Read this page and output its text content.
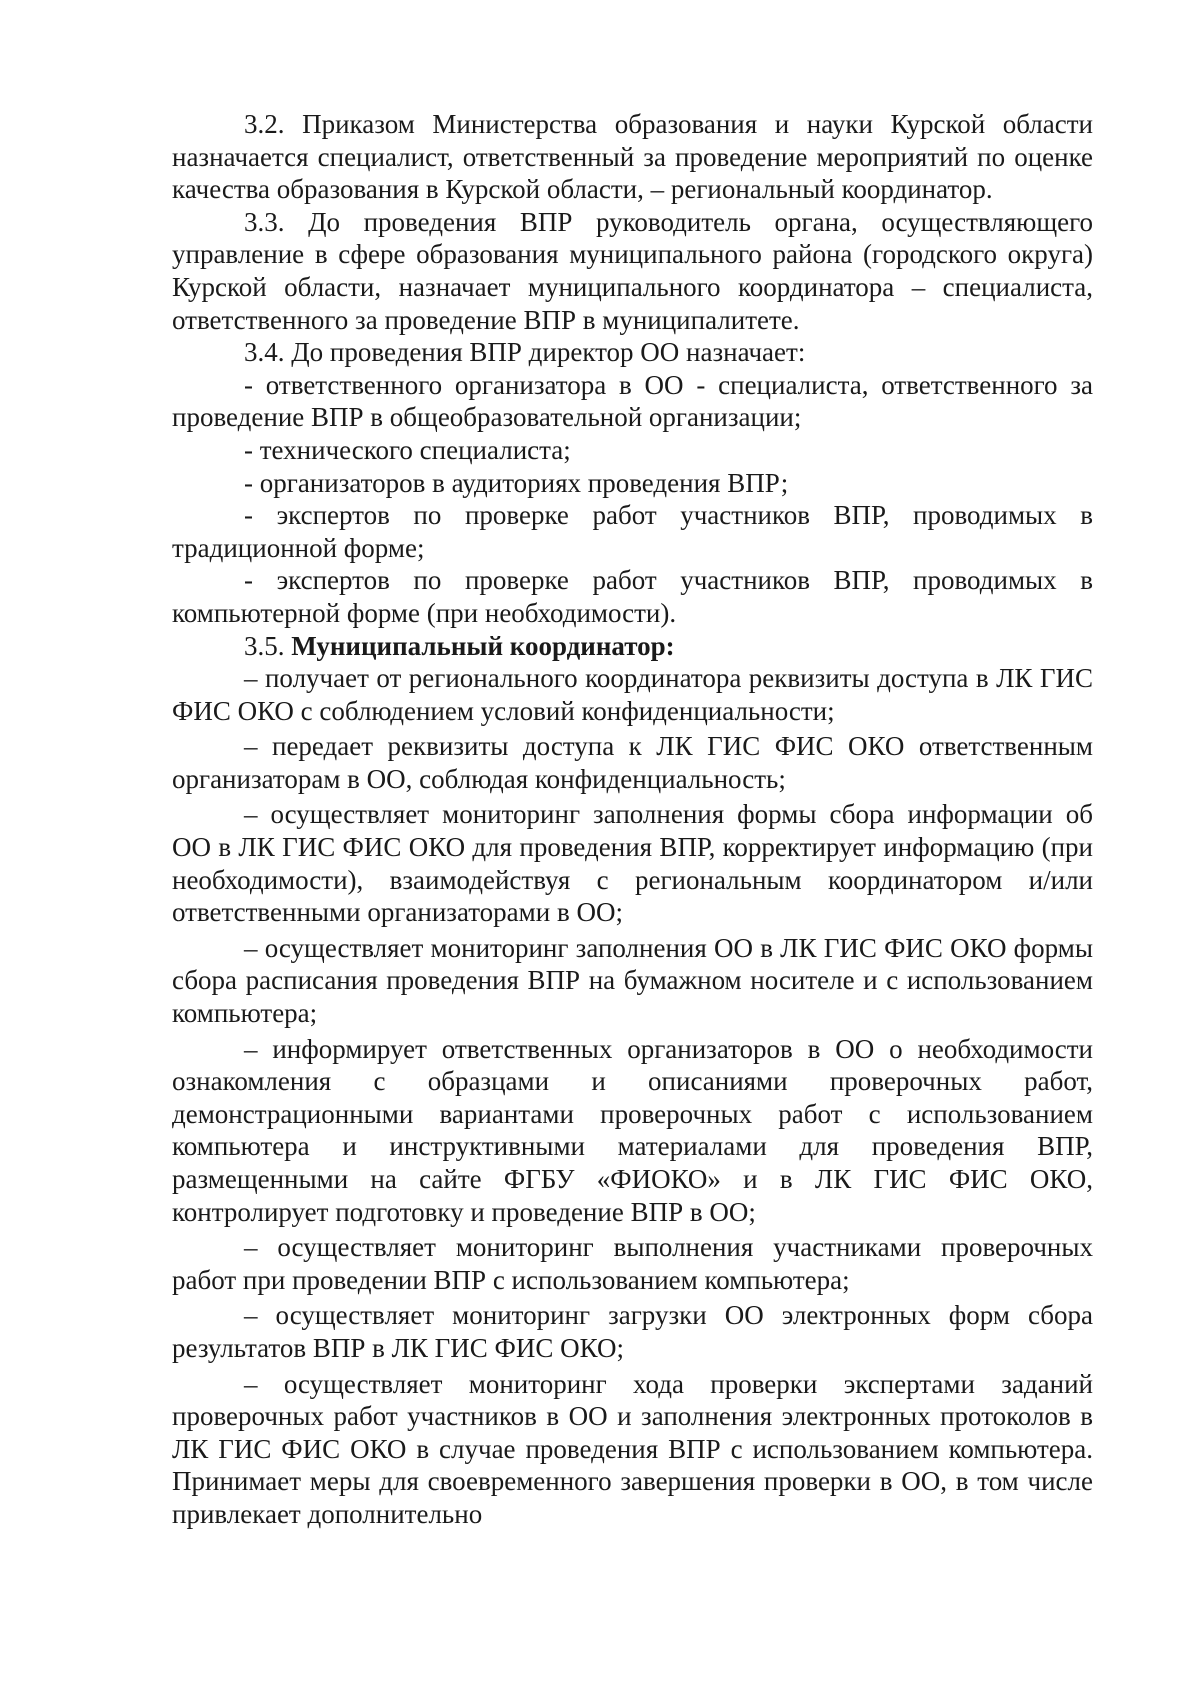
3.2. Приказом Министерства образования и науки Курской области назначается специалист, ответственный за проведение мероприятий по оценке качества образования в Курской области, – региональный координатор.

3.3. До проведения ВПР руководитель органа, осуществляющего управление в сфере образования муниципального района (городского округа) Курской области, назначает муниципального координатора – специалиста, ответственного за проведение ВПР в муниципалитете.

3.4. До проведения ВПР директор ОО назначает:

- ответственного организатора в ОО - специалиста, ответственного за проведение ВПР в общеобразовательной организации;

- технического специалиста;

- организаторов в аудиториях проведения ВПР;

- экспертов по проверке работ участников ВПР, проводимых в традиционной форме;

- экспертов по проверке работ участников ВПР, проводимых в компьютерной форме (при необходимости).

3.5. Муниципальный координатор:

– получает от регионального координатора реквизиты доступа в ЛК ГИС ФИС ОКО с соблюдением условий конфиденциальности;

– передает реквизиты доступа к ЛК ГИС ФИС ОКО ответственным организаторам в ОО, соблюдая конфиденциальность;

– осуществляет мониторинг заполнения формы сбора информации об ОО в ЛК ГИС ФИС ОКО для проведения ВПР, корректирует информацию (при необходимости), взаимодействуя с региональным координатором и/или ответственными организаторами в ОО;

– осуществляет мониторинг заполнения ОО в ЛК ГИС ФИС ОКО формы сбора расписания проведения ВПР на бумажном носителе и с использованием компьютера;

– информирует ответственных организаторов в ОО о необходимости ознакомления с образцами и описаниями проверочных работ, демонстрационными вариантами проверочных работ с использованием компьютера и инструктивными материалами для проведения ВПР, размещенными на сайте ФГБУ «ФИОКО» и в ЛК ГИС ФИС ОКО, контролирует подготовку и проведение ВПР в ОО;

– осуществляет мониторинг выполнения участниками проверочных работ при проведении ВПР с использованием компьютера;

– осуществляет мониторинг загрузки ОО электронных форм сбора результатов ВПР в ЛК ГИС ФИС ОКО;

– осуществляет мониторинг хода проверки экспертами заданий проверочных работ участников в ОО и заполнения электронных протоколов в ЛК ГИС ФИС ОКО в случае проведения ВПР с использованием компьютера. Принимает меры для своевременного завершения проверки в ОО, в том числе привлекает дополнительно
